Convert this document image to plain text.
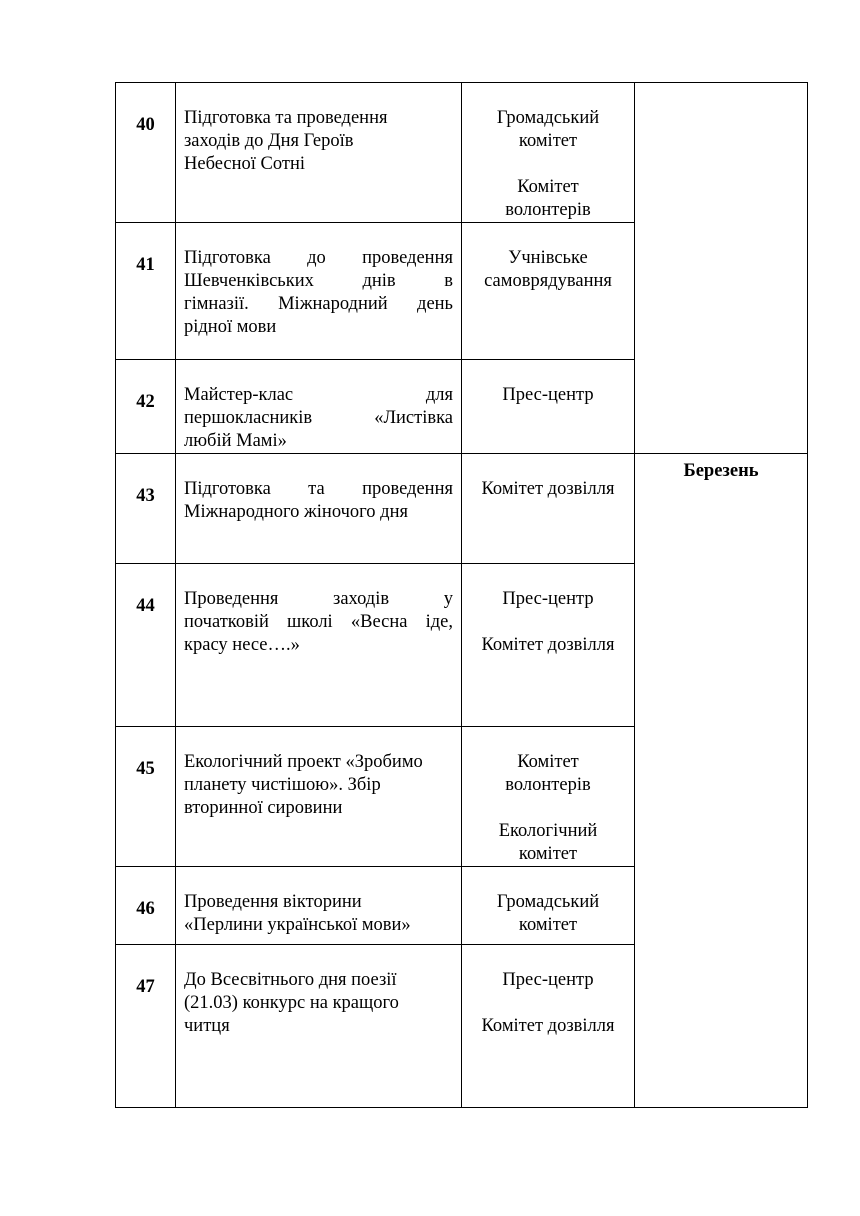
40	Підготовка та проведення
заходів до Дня Героїв
Небесної Сотні	Громадський
комітет
Комітет
волонтерів	

41	Підготовка до проведення
Шевченківських днів в
гімназії. Міжнародний день
рідної мови	Учнівське
самоврядування	

42	Майстер-клас для
першокласників «Листівка
любій Мамі»	Прес-центр	

43	Підготовка та проведення
Міжнародного жіночого дня	Комітет дозвілля	Березень

44	Проведення заходів у
початковій школі «Весна іде,
красу несе….»	Прес-центр
Комітет дозвілля	

45	Екологічний проект «Зробимо
планету чистішою». Збір
вторинної сировини	Комітет
волонтерів
Екологічний
комітет	

46	Проведення вікторини
«Перлини української мови»	Громадський
комітет	

47	До Всесвітнього дня поезії
(21.03) конкурс на кращого
читця	Прес-центр
Комітет дозвілля	
